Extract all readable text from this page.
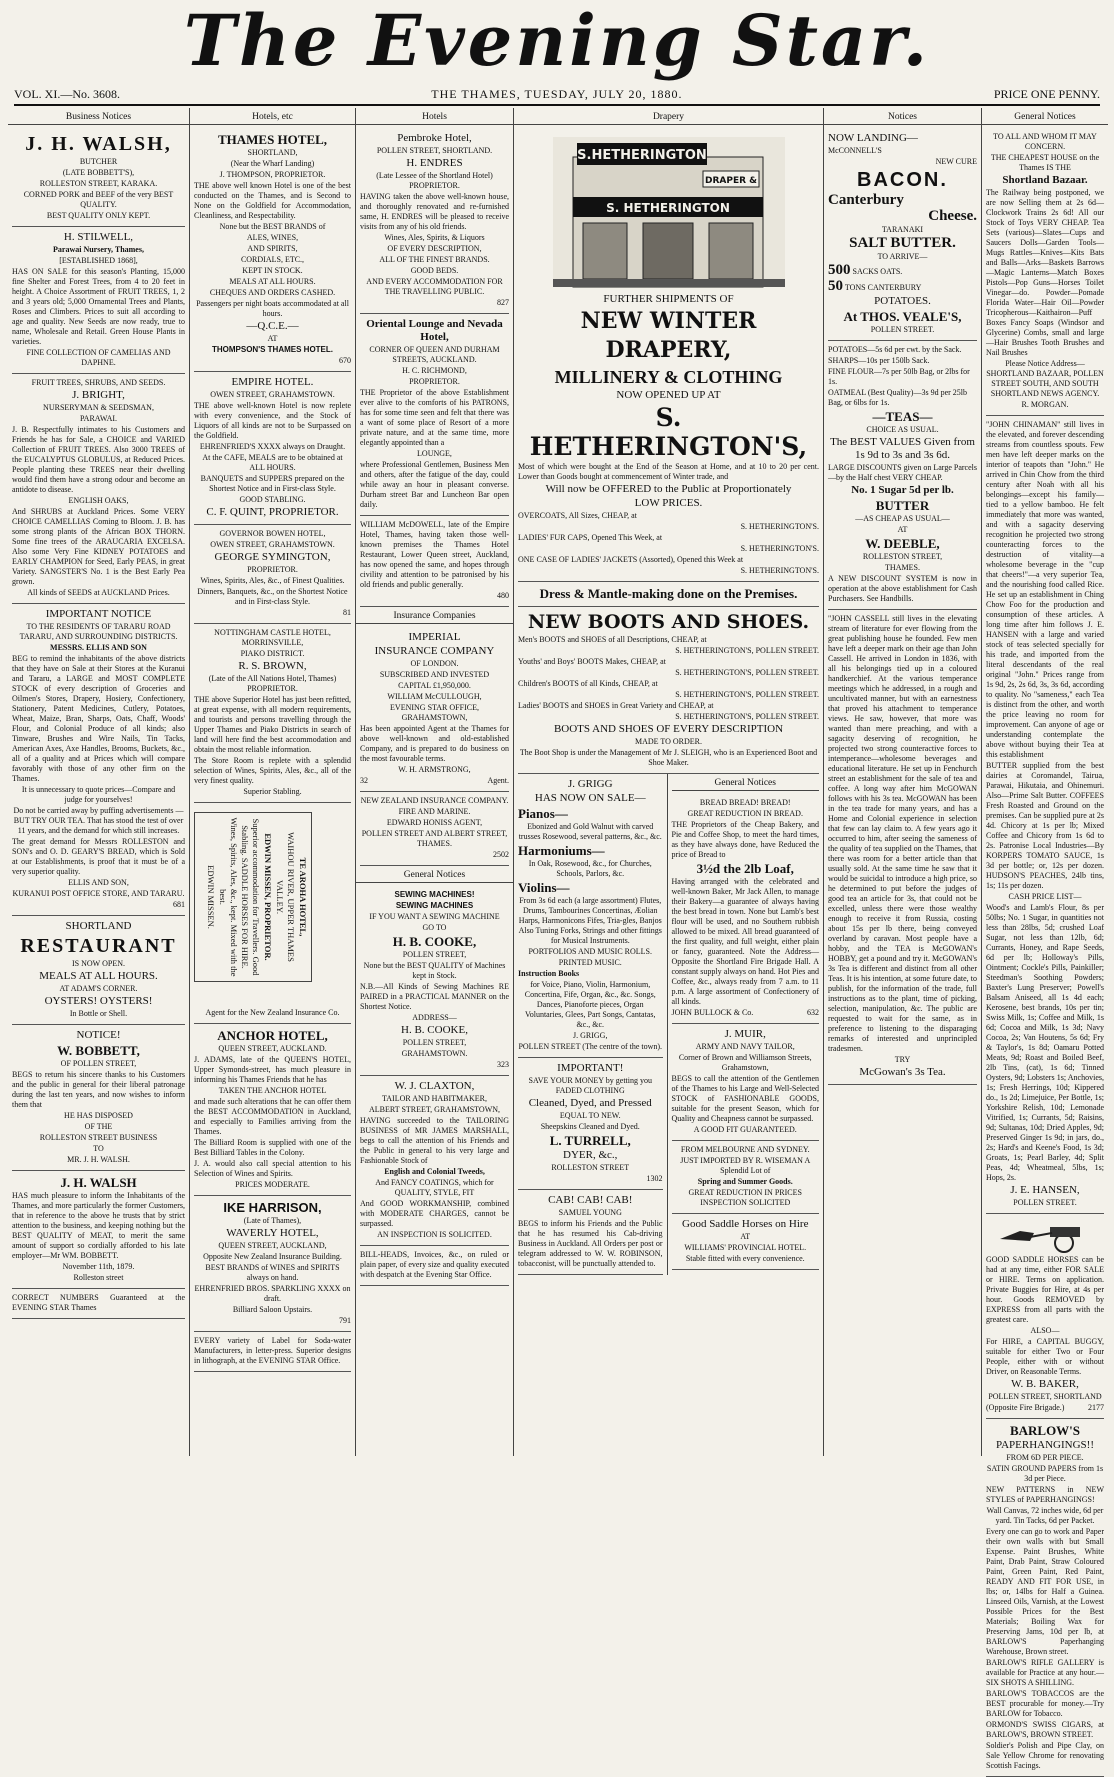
The Evening Star.
VOL. XI.—No. 3608.	THE THAMES, TUESDAY, JULY 20, 1880.	PRICE ONE PENNY.
Business Notices

J. H. WALSH,

BUTCHER

(LATE BOBBETT'S),

ROLLESTON STREET, KARAKA.

CORNED PORK and BEEF of the very BEST QUALITY.

BEST QUALITY ONLY KEPT.

H. STILWELL,

Parawai Nursery, Thames,

[ESTABLISHED 1868],

HAS ON SALE for this season's Planting, 15,000 fine Shelter and Forest Trees, from 4 to 20 feet in height. A Choice Assortment of FRUIT TREES, 1, 2 and 3 years old; 5,000 Ornamental Trees and Plants, Roses and Climbers. Prices to suit all according to age and quality. New Seeds are now ready, true to name, Wholesale and Retail. Green House Plants in varieties.

FINE COLLECTION OF CAMELIAS AND DAPHNE.

FRUIT TREES, SHRUBS, AND SEEDS.

J. BRIGHT,

NURSERYMAN & SEEDSMAN,

PARAWAI.

J. B. Respectfully intimates to his Customers and Friends he has for Sale, a CHOICE and VARIED Collection of FRUIT TREES. Also 3000 TREES of the EUCALYPTUS GLOBULUS, at Reduced Prices. People planting these TREES near their dwelling would find them have a strong odour and become an antidote to disease.

ENGLISH OAKS,

And SHRUBS at Auckland Prices. Some VERY CHOICE CAMELLIAS Coming to Bloom. J. B. has some strong plants of the African BOX THORN. Some fine trees of the ARAUCARIA EXCELSA. Also some Very Fine KIDNEY POTATOES and EARLY CHAMPION for Seed, Early PEAS, in great Variety. SANGSTER'S No. 1 is the Best Early Pea grown.

All kinds of SEEDS at AUCKLAND Prices.

IMPORTANT NOTICE

TO THE RESIDENTS OF TARARU ROAD TARARU, AND SURROUNDING DISTRICTS.

MESSRS. ELLIS AND SON

BEG to remind the inhabitants of the above districts that they have on Sale at their Stores at the Kuranui and Tararu, a LARGE and MOST COMPLETE STOCK of every description of Groceries and Oilmen's Stores, Drapery, Hosiery, Confectionery, Stationery, Patent Medicines, Cutlery, Potatoes, Wheat, Maize, Bran, Sharps, Oats, Chaff, Woods' Flour, and Colonial Produce of all kinds; also Tinware, Brushes and Wire Nails, Tin Tacks, American Axes, Axe Handles, Brooms, Buckets, &c., all of a quality and at Prices which will compare favorably with those of any other firm on the Thames.

It is unnecessary to quote prices—Compare and judge for yourselves!

Do not be carried away by puffing advertisements — BUT TRY OUR TEA. That has stood the test of over 11 years, and the demand for which still increases.

The great demand for Messrs ROLLESTON and SON's and O. D. GEARY'S BREAD, which is Sold at our Establishments, is proof that it must be of a very superior quality.

ELLIS AND SON,

KURANUI POST OFFICE STORE, AND TARARU.

681

SHORTLAND

RESTAURANT

IS NOW OPEN.

MEALS AT ALL HOURS.

AT ADAM'S CORNER.

OYSTERS! OYSTERS!

In Bottle or Shell.

NOTICE!

W. BOBBETT,

OF POLLEN STREET,

BEGS to return his sincere thanks to his Customers and the public in general for their liberal patronage during the last ten years, and now wishes to inform them that

HE HAS DISPOSED

OF THE

ROLLESTON STREET BUSINESS

TO

MR. J. H. WALSH.

J. H. WALSH

HAS much pleasure to inform the Inhabitants of the Thames, and more particularly the former Customers, that in reference to the above he trusts that by strict attention to the business, and keeping nothing but the BEST QUALITY of MEAT, to merit the same amount of support so cordially afforded to his late employer—Mr WM. BOBBETT.

November 11th, 1879.

Rolleston street

CORRECT NUMBERS Guaranteed at the EVENING STAR Thames

Hotels, etc

THAMES HOTEL,

SHORTLAND,

(Near the Wharf Landing)

J. THOMPSON, PROPRIETOR.

THE above well known Hotel is one of the best conducted on the Thames, and is Second to None on the Goldfield for Accommodation, Cleanliness, and Respectability.

None but the BEST BRANDS of

ALES, WINES,

AND SPIRITS,

CORDIALS, ETC.,

KEPT IN STOCK.

MEALS AT ALL HOURS.

CHEQUES AND ORDERS CASHED.

Passengers per night boats accommodated at all hours.

—Q.C.E.—

AT

THOMPSON'S THAMES HOTEL.

670

EMPIRE HOTEL.

OWEN STREET, GRAHAMSTOWN.

THE above well-known Hotel is now replete with every convenience, and the Stock of Liquors of all kinds are not to be Surpassed on the Goldfield.

EHRENFRIED'S XXXX always on Draught.

At the CAFE, MEALS are to be obtained at ALL HOURS.

BANQUETS and SUPPERS prepared on the Shortest Notice and in First-class Style.

GOOD STABLING.

C. F. QUINT, PROPRIETOR.

GOVERNOR BOWEN HOTEL,

OWEN STREET, GRAHAMSTOWN.

GEORGE SYMINGTON,

PROPRIETOR.

Wines, Spirits, Ales, &c., of Finest Qualities.

Dinners, Banquets, &c., on the Shortest Notice and in First-class Style.

81

NOTTINGHAM CASTLE HOTEL, MORRINSVILLE,

PIAKO DISTRICT.

R. S. BROWN,

(Late of the All Nations Hotel, Thames) PROPRIETOR.

THE above Superior Hotel has just been refitted, at great expense, with all modern requirements, and tourists and persons travelling through the Upper Thames and Piako Districts in search of land will here find the best accommodation and obtain the most reliable information.

The Store Room is replete with a splendid selection of Wines, Spirits, Ales, &c., all of the very finest quality.

Superior Stabling.

TE AROHA HOTEL,

WAIHOU RIVER, UPPER THAMES VALLEY.

EDWIN MISSEN, PROPRIETOR.

Superior accommodation for Travellers. Good Stabling. SADDLE HORSES FOR HIRE. Wines, Spirits, Ales, &c., kept. Mixed with the best.

EDWIN MISSEN.

Agent for the New Zealand Insurance Co.

ANCHOR HOTEL,

QUEEN STREET, AUCKLAND.

J. ADAMS, late of the QUEEN'S HOTEL, Upper Symonds-street, has much pleasure in informing his Thames Friends that he has

TAKEN THE ANCHOR HOTEL

and made such alterations that he can offer them the BEST ACCOMMODATION in Auckland, and especially to Families arriving from the Thames.

The Billiard Room is supplied with one of the Best Billiard Tables in the Colony.

J. A. would also call special attention to his Selection of Wines and Spirits.

PRICES MODERATE.

IKE HARRISON,

(Late of Thames),

WAVERLY HOTEL,

QUEEN STREET, AUCKLAND,

Opposite New Zealand Insurance Building.

BEST BRANDS of WINES and SPIRITS always on hand.

EHRENFRIED BROS. SPARKLING XXXX on draft.

Billiard Saloon Upstairs.

791

EVERY variety of Label for Soda-water Manufacturers, in letter-press. Superior designs in lithograph, at the EVENING STAR Office.

Hotels

Pembroke Hotel,

POLLEN STREET, SHORTLAND.

H. ENDRES

(Late Lessee of the Shortland Hotel) PROPRIETOR.

HAVING taken the above well-known house, and thoroughly renovated and re-furnished same, H. ENDRES will be pleased to receive visits from any of his old friends.

Wines, Ales, Spirits, & Liquors

OF EVERY DESCRIPTION,

ALL OF THE FINEST BRANDS.

GOOD BEDS.

AND EVERY ACCOMMODATION FOR THE TRAVELLING PUBLIC.

827

Oriental Lounge and Nevada Hotel,

CORNER OF QUEEN AND DURHAM STREETS, AUCKLAND.

H. C. RICHMOND,

PROPRIETOR.

THE Proprietor of the above Establishment ever alive to the comforts of his PATRONS, has for some time seen and felt that there was a want of some place of Resort of a more private nature, and at the same time, more elegantly appointed than a

LOUNGE,

where Professional Gentlemen, Business Men and others, after the fatigue of the day, could while away an hour in pleasant converse. Durham street Bar and Luncheon Bar open daily.

WILLIAM McDOWELL, late of the Empire Hotel, Thames, having taken those well-known premises the Thames Hotel Restaurant, Lower Queen street, Auckland, has now opened the same, and hopes through civility and attention to be patronised by his old friends and public generally.

480

Insurance Companies

IMPERIAL

INSURANCE COMPANY

OF LONDON.

SUBSCRIBED AND INVESTED

CAPITAL £1,950,000.

WILLIAM McCULLOUGH,

EVENING STAR OFFICE, GRAHAMSTOWN,

Has been appointed Agent at the Thames for above well-known and old-established Company, and is prepared to do business on the most favourable terms.

W. H. ARMSTRONG,

32	Agent.

NEW ZEALAND INSURANCE COMPANY.

FIRE AND MARINE.

EDWARD HONISS AGENT,

POLLEN STREET AND ALBERT STREET, THAMES.

2502

General Notices

SEWING MACHINES!

SEWING MACHINES

IF YOU WANT A SEWING MACHINE

GO TO

H. B. COOKE,

POLLEN STREET,

None but the BEST QUALITY of Machines kept in Stock.

N.B.—All Kinds of Sewing Machines RE PAIRED in a PRACTICAL MANNER on the Shortest Notice.

ADDRESS—

H. B. COOKE,

POLLEN STREET,

GRAHAMSTOWN.

323

W. J. CLAXTON,

TAILOR AND HABITMAKER,

ALBERT STREET, GRAHAMSTOWN,

HAVING succeeded to the TAILORING BUSINESS of MR JAMES MARSHALL, begs to call the attention of his Friends and the Public in general to his very large and Fashionable Stock of

English and Colonial Tweeds,

And FANCY COATINGS, which for QUALITY, STYLE, FIT

And GOOD WORKMANSHIP, combined with MODERATE CHARGES, cannot be surpassed.

AN INSPECTION IS SOLICITED.

BILL-HEADS, Invoices, &c., on ruled or plain paper, of every size and quality executed with despatch at the Evening Star Office.

Drapery
S.HETHERINGTON
DRAPER &
S. HETHERINGTON

FURTHER SHIPMENTS OF

NEW WINTER DRAPERY,

MILLINERY & CLOTHING

NOW OPENED UP AT

S. HETHERINGTON'S,

Most of which were bought at the End of the Season at Home, and at 10 to 20 per cent. Lower than Goods bought at commencement of Winter trade, and

Will now be OFFERED to the Public at Proportionately

LOW PRICES.

OVERCOATS, All Sizes, CHEAP, at

S. HETHERINGTON'S.

LADIES' FUR CAPS, Opened This Week, at

S. HETHERINGTON'S.

ONE CASE OF LADIES' JACKETS (Assorted), Opened this Week at

S. HETHERINGTON'S.

Dress & Mantle-making done on the Premises.

NEW BOOTS AND SHOES.

Men's BOOTS and SHOES of all Descriptions, CHEAP, at

S. HETHERINGTON'S, POLLEN STREET.

Youths' and Boys' BOOTS Makes, CHEAP, at

S. HETHERINGTON'S, POLLEN STREET.

Children's BOOTS of all Kinds, CHEAP, at

S. HETHERINGTON'S, POLLEN STREET.

Ladies' BOOTS and SHOES in Great Variety and CHEAP, at

S. HETHERINGTON'S, POLLEN STREET.

BOOTS AND SHOES OF EVERY DESCRIPTION

MADE TO ORDER.

The Boot Shop is under the Management of Mr J. SLEIGH, who is an Experienced Boot and Shoe Maker.

J. GRIGG

HAS NOW ON SALE—

Pianos—

Ebonized and Gold Walnut with carved trusses Rosewood, several patterns, &c., &c.

Harmoniums—

In Oak, Rosewood, &c., for Churches, Schools, Parlors, &c.

Violins—

From 3s 6d each (a large assortment) Flutes, Drums, Tambourines Concertinas, Æolian Harps, Harmonicons Fifes, Tria-gles, Banjos Also Tuning Forks, Strings and other fittings for Musical Instruments.

PORTFOLIOS AND MUSIC ROLLS.

PRINTED MUSIC.

Instruction Books

for Voice, Piano, Violin, Harmonium, Concertina, Fife, Organ, &c., &c. Songs, Dances, Pianoforte pieces, Organ Voluntaries, Glees, Part Songs, Cantatas, &c., &c.

J. GRIGG,

POLLEN STREET (The centre of the town).

IMPORTANT!

SAVE YOUR MONEY by getting you FADED CLOTHING

Cleaned, Dyed, and Pressed

EQUAL TO NEW.

Sheepskins Cleaned and Dyed.

L. TURRELL,

DYER, &c.,

ROLLESTON STREET

1302

CAB! CAB! CAB!

SAMUEL YOUNG

BEGS to inform his Friends and the Public that he has resumed his Cab-driving Business in Auckland. All Orders per post or telegram addressed to W. W. ROBINSON, tobacconist, will be punctually attended to.

General Notices

BREAD BREAD! BREAD!

GREAT REDUCTION IN BREAD.

THE Proprietors of the Cheap Bakery, and Pie and Coffee Shop, to meet the hard times, as they have always done, have Reduced the price of Bread to

3½d the 2lb Loaf,

Having arranged with the celebrated and well-known Baker, Mr Jack Allen, to manage their Bakery—a guarantee of always having the best bread in town. None but Lamb's best flour will be used, and no Southern rubbish allowed to be mixed. All bread guaranteed of the first quality, and full weight, either plain or fancy, guaranteed. Note the Address—Opposite the Shortland Fire Brigade Hall. A constant supply always on hand. Hot Pies and Coffee, &c., always ready from 7 a.m. to 11 p.m. A large assortment of Confectionery of all kinds.

JOHN BULLOCK & Co.	632

J. MUIR,

ARMY AND NAVY TAILOR,

Corner of Brown and Williamson Streets, Grahamstown,

BEGS to call the attention of the Gentlemen of the Thames to his Large and Well-Selected STOCK of FASHIONABLE GOODS, suitable for the present Season, which for Quality and Cheapness cannot be surpassed.

A GOOD FIT GUARANTEED.

FROM MELBOURNE AND SYDNEY.

JUST IMPORTED BY R. WISEMAN A Splendid Lot of

Spring and Summer Goods.

GREAT REDUCTION IN PRICES INSPECTION SOLICITED

Good Saddle Horses on Hire

AT

WILLIAMS' PROVINCIAL HOTEL.

Stable fitted with every convenience.

Notices

NOW LANDING—

McCONNELL'S

NEW CURE

BACON.

Canterbury

Cheese.

TARANAKI

SALT BUTTER.

TO ARRIVE—

500 SACKS OATS.

50 TONS CANTERBURY

POTATOES.

At THOS. VEALE'S,

POLLEN STREET.

POTATOES—5s 6d per cwt. by the Sack.

SHARPS—10s per 150lb Sack.

FINE FLOUR—7s per 50lb Bag, or 2lbs for 1s.

OATMEAL (Best Quality)—3s 9d per 25lb Bag, or 6lbs for 1s.

—TEAS—

CHOICE AS USUAL.

The BEST VALUES Given from 1s 9d to 3s and 3s 6d.

LARGE DISCOUNTS given on Large Parcels—by the Half chest VERY CHEAP.

No. 1 Sugar 5d per lb.

BUTTER

—AS CHEAP AS USUAL—

AT

W. DEEBLE,

ROLLESTON STREET,

THAMES.

A NEW DISCOUNT SYSTEM is now in operation at the above establishment for Cash Purchasers. See Handbills.

"JOHN CASSELL still lives in the elevating stream of literature for ever flowing from the great publishing house he founded. Few men have left a deeper mark on their age than John Cassell. He arrived in London in 1836, with all his belongings tied up in a coloured handkerchief. At the various temperance meetings which he addressed, in a rough and uncultivated manner, but with an earnestness that proved his attachment to temperance views. He saw, however, that more was wanted than mere preaching, and with a sagacity deserving of recognition, he projected two strong counteractive forces to intemperance—wholesome beverages and educational literature. He set up in Fenchurch street an establishment for the sale of tea and coffee. A long way after him McGOWAN follows with his 3s tea. McGOWAN has been in the tea trade for many years, and has a Home and Colonial experience in selection that few can lay claim to. A few years ago it occurred to him, after seeing the sameness of the quality of tea supplied on the Thames, that there was room for a better article than that usually sold. At the same time he saw that it would be suicidal to introduce a high price, so he determined to put before the judges of good tea an article for 3s, that could not be excelled, unless there were those wealthy enough to receive it from Russia, costing about 15s per lb there, being conveyed overland by caravan. Most people have a hobby, and the TEA is McGOWAN's HOBBY, get a pound and try it. McGOWAN's 3s Tea is different and distinct from all other Teas. It is his intention, at some future date, to publish, for the information of the trade, full instructions as to the plant, time of picking, selection, manipulation, &c. The public are requested to wait for the same, as in preference to listening to the disparaging remarks of interested and unprincipled tradesmen.

TRY

McGowan's 3s Tea.

General Notices

TO ALL AND WHOM IT MAY CONCERN.

THE CHEAPEST HOUSE on the Thames IS THE

Shortland Bazaar.

The Railway being postponed, we are now Selling them at 2s 6d—Clockwork Trains 2s 6d! All our Stock of Toys VERY CHEAP. Tea Sets (various)—Slates—Cups and Saucers Dolls—Garden Tools—Mugs Rattles—Knives—Kits Bats and Balls—Arks—Baskets Barrows—Magic Lanterns—Match Boxes Pistols—Pop Guns—Horses Toilet Vinegar—do. Powder—Pomade Florida Water—Hair Oil—Powder Tricopherous—Kaithairon—Puff Boxes Fancy Soaps (Windsor and Glycerine) Combs, small and large—Hair Brushes Tooth Brushes and Nail Brushes

Please Notice Address— SHORTLAND BAZAAR, POLLEN STREET SOUTH, AND SOUTH SHORTLAND NEWS AGENCY.

R. MORGAN.

"JOHN CHINAMAN" still lives in the elevated, and forever descending streams from countless spouts. Few men have left deeper marks on the interior of teapots than "John." He arrived in Chin Chow from the third century after Noah with all his belongings—except his family—tied to a yellow bamboo. He felt immediately that more was wanted, and with a sagacity deserving recognition he projected two strong counteracting forces to the destruction of vitality—a wholesome beverage in the "cup that cheers!"—a very superior Tea, and the nourishing food called Rice. He set up an establishment in Ching Chow Foo for the production and consumption of these articles. A long time after him follows J. E. HANSEN with a large and varied stock of teas selected specially for his trade, and imported from the literal descendants of the real original "John." Prices range from 1s 9d, 2s, 2s 6d, 3s, 3s 6d, according to quality. No "sameness," each Tea is distinct from the other, and worth the price leaving no room for improvement. Can anyone of age or understanding contemplate the above without buying their Tea at this establishment

BUTTER supplied from the best dairies at Coromandel, Tairua, Parawai, Hikutaia, and Ohinemuri. Also—Prime Salt Butter. COFFEES Fresh Roasted and Ground on the premises. Can be supplied pure at 2s 4d. Chicory at 1s per lb; Mixed Coffee and Chicory from 1s 6d to 2s. Patronise Local Industries—By KORPERS TOMATO SAUCE, 1s 3d per bottle; or, 12s per dozen. HUDSON'S PEACHES, 24lb tins, 1s; 11s per dozen.

CASH PRICE LIST—

Wood's and Lamb's Flour, 8s per 50lbs; No. 1 Sugar, in quantities not less than 28lbs, 5d; crushed Loaf Sugar, not less than 12lb, 6d; Currants, Honey, and Rape Seeds, 6d per lb; Holloway's Pills, Ointment; Cockle's Pills, Painkiller; Steedman's Soothing Powders; Baxter's Lung Preserver; Powell's Balsam Aniseed, all 1s 4d each; Kerosene, best brands, 10s per tin; Swiss Milk, 1s; Coffee and Milk, 1s 6d; Cocoa and Milk, 1s 3d; Navy Cocoa, 2s; Van Houtens, 5s 6d; Fry & Taylor's, 1s 8d; Oamaru Potted Meats, 9d; Roast and Boiled Beef, 2lb Tins, (cat), 1s 6d; Tinned Oysters, 9d; Lobsters 1s; Anchovies, 1s; Fresh Herrings, 10d; Kippered do., 1s 2d; Limejuice, Per Bottle, 1s; Yorkshire Relish, 10d; Lemonade Vitrified, 1s; Currants, 5d; Raisins, 9d; Sultanas, 10d; Dried Apples, 9d; Preserved Ginger 1s 9d; in jars, do., 2s; Hard's and Keene's Food, 1s 3d; Groats, 1s; Pearl Barley, 4d; Split Peas, 4d; Wheatmeal, 5lbs, 1s; Hops, 2s.

J. E. HANSEN,

POLLEN STREET.

GOOD SADDLE HORSES can be had at any time, either FOR SALE or HIRE. Terms on application. Private Buggies for Hire, at 4s per hour. Goods REMOVED by EXPRESS from all parts with the greatest care.

ALSO—

For HIRE, a CAPITAL BUGGY, suitable for either Two or Four People, either with or without Driver, on Reasonable Terms.

W. B. BAKER,

POLLEN STREET, SHORTLAND

(Opposite Fire Brigade.)	2177

BARLOW'S

PAPERHANGINGS!!

FROM 6D PER PIECE.

SATIN GROUND PAPERS from 1s 3d per Piece.

NEW PATTERNS in NEW STYLES of PAPERHANGINGS!

Wall Canvas, 72 inches wide, 6d per yard. Tin Tacks, 6d per Packet.

Every one can go to work and Paper their own walls with but Small Expense. Paint Brushes, White Paint, Drab Paint, Straw Coloured Paint, Green Paint, Red Paint, READY AND FIT FOR USE, in lbs; or, 14lbs for Half a Guinea. Linseed Oils, Varnish, at the Lowest Possible Prices for the Best Materials; Boiling Wax for Preserving Jams, 10d per lb, at BARLOW'S Paperhanging Warehouse, Brown street.

BARLOW'S RIFLE GALLERY is available for Practice at any hour.—SIX SHOTS A SHILLING.

BARLOW'S TOBACCOS are the BEST procurable for money.—Try BARLOW for Tobacco.

ORMOND'S SWISS CIGARS, at BARLOW'S, BROWN STREET.

Soldier's Polish and Pipe Clay, on Sale Yellow Chrome for renovating Scottish Facings.
